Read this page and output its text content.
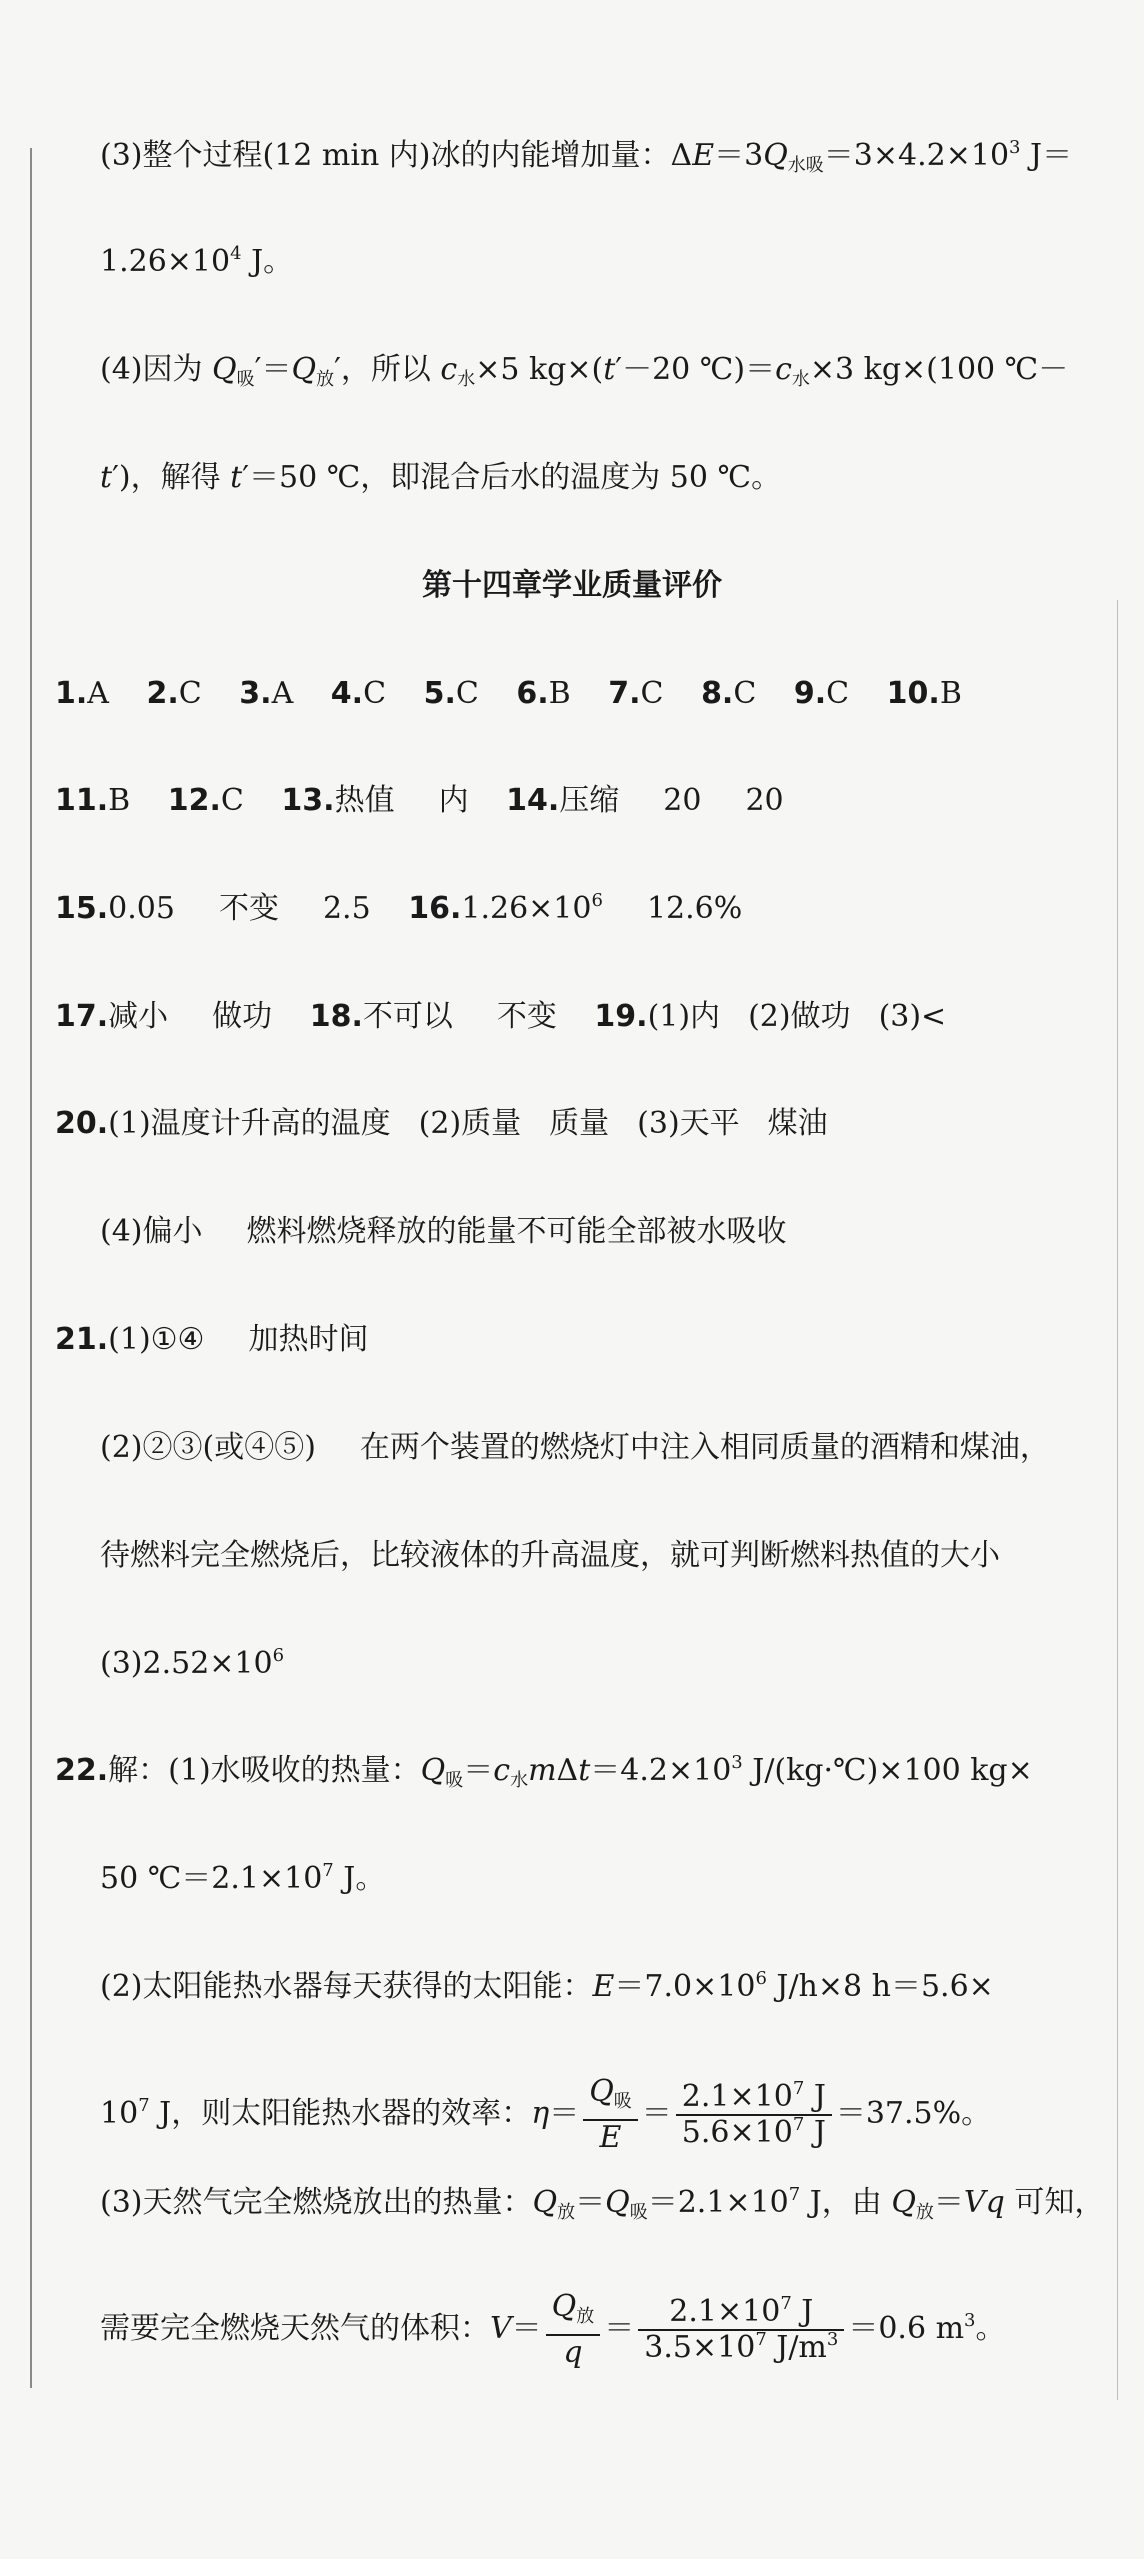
(3)整个过程(12 min 内)冰的内能增加量：$\Delta E=3Q_{水吸}=3\times 4.2\times 10^3$ J＝
$1.26\times 10^4$ J。
(4)因为 $Q_吸'=Q_放'$，所以 $c_水\times 5$ kg×(t′－20 $℃)=c_水\times 3$ kg×(100 ℃－
t′)，解得 t′＝50 ℃，即混合后水的温度为 50 ℃。
第十四章学业质量评价
1.A 2.C 3.A 4.C 5.C 6.B 7.C 8.C 9.C 10.B
11.B 12.C 13.热值 内 14.压缩 20 20
15.0.05 不变 2.5 $16.1.26\times 10^6$ 12.6%
17.减小 做功 18.不可以 不变 19.(1)内 (2)做功 (3)<
20.(1)温度计升高的温度 (2)质量 质量 (3)天平 煤油
(4)偏小 燃料燃烧释放的能量不可能全部被水吸收
21.(1)①④ 加热时间
(2)②③(或④⑤) 在两个装置的燃烧灯中注入相同质量的酒精和煤油，
待燃料完全燃烧后，比较液体的升高温度，就可判断燃料热值的大小
$(3)2.52\times 10^6$
22.解：(1)水吸收的热量：$Q_吸=c_水m\Delta t=4.2\times 10^3$ J/(kg·℃)×100 kg×
50 $℃=2.1\times 10^7$ J。
(2)太阳能热水器每天获得的太阳能：$E=7.0\times 10^6$ J/h×8 h＝5.6×
$10^7$ J，则太阳能热水器的效率：$\eta= \frac{Q_吸}{E} = \frac{2.1\times 10^7 J}{5.6\times 10^7 J} =37.5\%$。
(3)天然气完全燃烧放出的热量：$Q_放=Q_吸=2.1\times 10^7$ J，由 $Q_放=Vq$ 可知，
需要完全燃烧天然气的体积：$V= \frac{Q_放}{q} = \frac{2.1\times 10^7 J}{3.5\times 10^7 J/m^3} =0.6$ $m^3$。
